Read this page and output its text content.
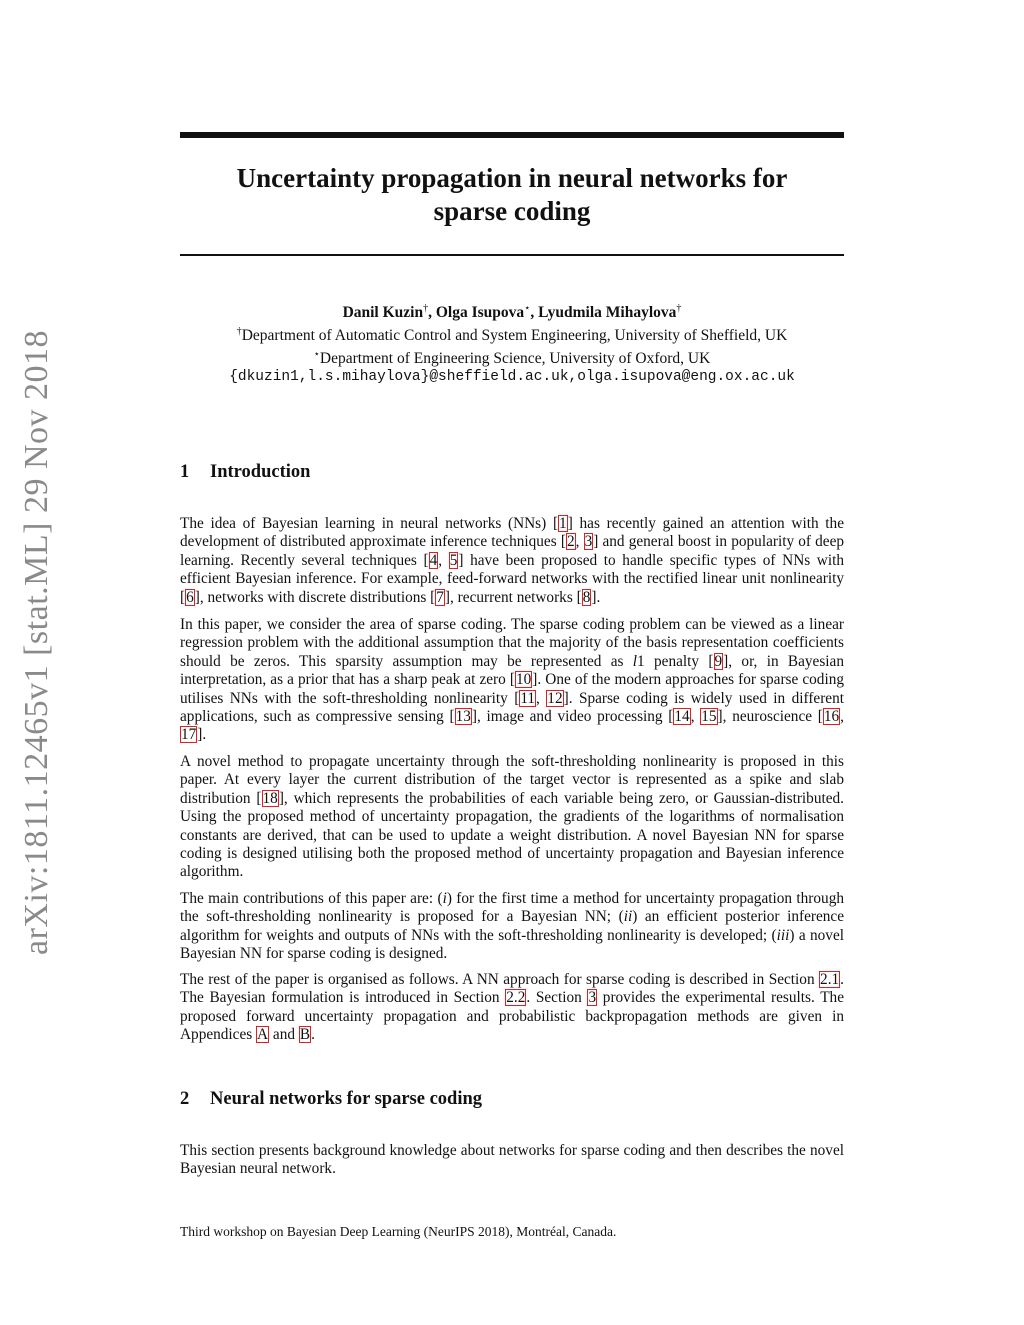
arXiv:1811.12465v1 [stat.ML] 29 Nov 2018
Uncertainty propagation in neural networks for
sparse coding
Danil Kuzin†, Olga Isupova⋆, Lyudmila Mihaylova†
†Department of Automatic Control and System Engineering, University of Sheffield, UK
⋆Department of Engineering Science, University of Oxford, UK
{dkuzin1,l.s.mihaylova}@sheffield.ac.uk,olga.isupova@eng.ox.ac.uk
1 Introduction

The idea of Bayesian learning in neural networks (NNs) [1] has recently gained an attention with the development of distributed approximate inference techniques [2, 3] and general boost in popularity of deep learning. Recently several techniques [4, 5] have been proposed to handle specific types of NNs with efficient Bayesian inference. For example, feed-forward networks with the rectified linear unit nonlinearity [6], networks with discrete distributions [7], recurrent networks [8].

In this paper, we consider the area of sparse coding. The sparse coding problem can be viewed as a linear regression problem with the additional assumption that the majority of the basis representation coefficients should be zeros. This sparsity assumption may be represented as l1 penalty [9], or, in Bayesian interpretation, as a prior that has a sharp peak at zero [10]. One of the modern approaches for sparse coding utilises NNs with the soft-thresholding nonlinearity [11, 12]. Sparse coding is widely used in different applications, such as compressive sensing [13], image and video processing [14, 15], neuroscience [16, 17].

A novel method to propagate uncertainty through the soft-thresholding nonlinearity is proposed in this paper. At every layer the current distribution of the target vector is represented as a spike and slab distribution [18], which represents the probabilities of each variable being zero, or Gaussian-distributed. Using the proposed method of uncertainty propagation, the gradients of the logarithms of normalisation constants are derived, that can be used to update a weight distribution. A novel Bayesian NN for sparse coding is designed utilising both the proposed method of uncertainty propagation and Bayesian inference algorithm.

The main contributions of this paper are: (i) for the first time a method for uncertainty propagation through the soft-thresholding nonlinearity is proposed for a Bayesian NN; (ii) an efficient posterior inference algorithm for weights and outputs of NNs with the soft-thresholding nonlinearity is developed; (iii) a novel Bayesian NN for sparse coding is designed.

The rest of the paper is organised as follows. A NN approach for sparse coding is described in Section 2.1. The Bayesian formulation is introduced in Section 2.2. Section 3 provides the experimental results. The proposed forward uncertainty propagation and probabilistic backpropagation methods are given in Appendices A and B.

2 Neural networks for sparse coding

This section presents background knowledge about networks for sparse coding and then describes the novel Bayesian neural network.

Third workshop on Bayesian Deep Learning (NeurIPS 2018), Montréal, Canada.
